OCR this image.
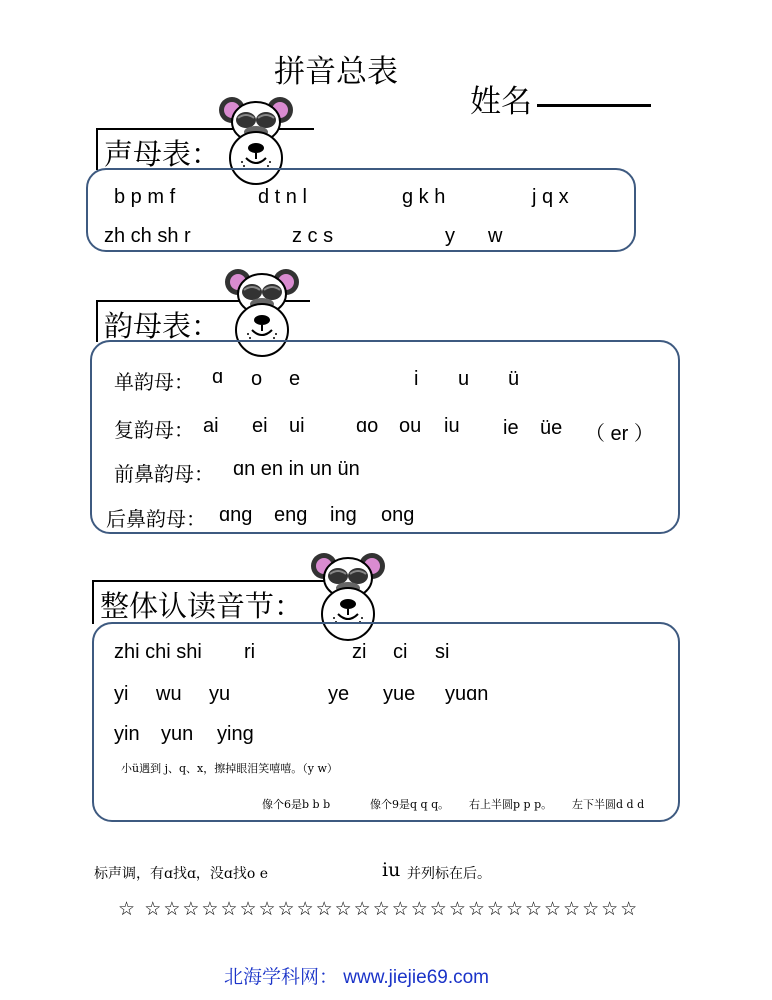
拼音总表
姓名
声母表：
b p m f	d t n l	g k h	j q x
zh ch sh r	z c s	y w
韵母表：
单韵母： ɑ o e	i u ü
复韵母： ai ei ui	ɑo ou iu ie üe （ er ）
前鼻韵母： ɑn en in un ün
后鼻韵母： ɑng eng ing ong
整体认读音节：
zhi chi shi ri	zi ci si
yi wu yu	ye yue yuɑn
yin yun ying
小ü遇到 j、q、x，擦掉眼泪笑嘻嘻。（y w）
像个6是b b b	像个9是q q q。 右上半圆p p p。 左下半圆d d d
标声调，有ɑ找ɑ，没ɑ找o e	iu 并列标在后。
☆ ☆☆☆☆☆☆☆☆☆☆☆☆☆☆☆☆☆☆☆☆☆☆☆☆☆☆
北海学科网： www.jiejie69.com
